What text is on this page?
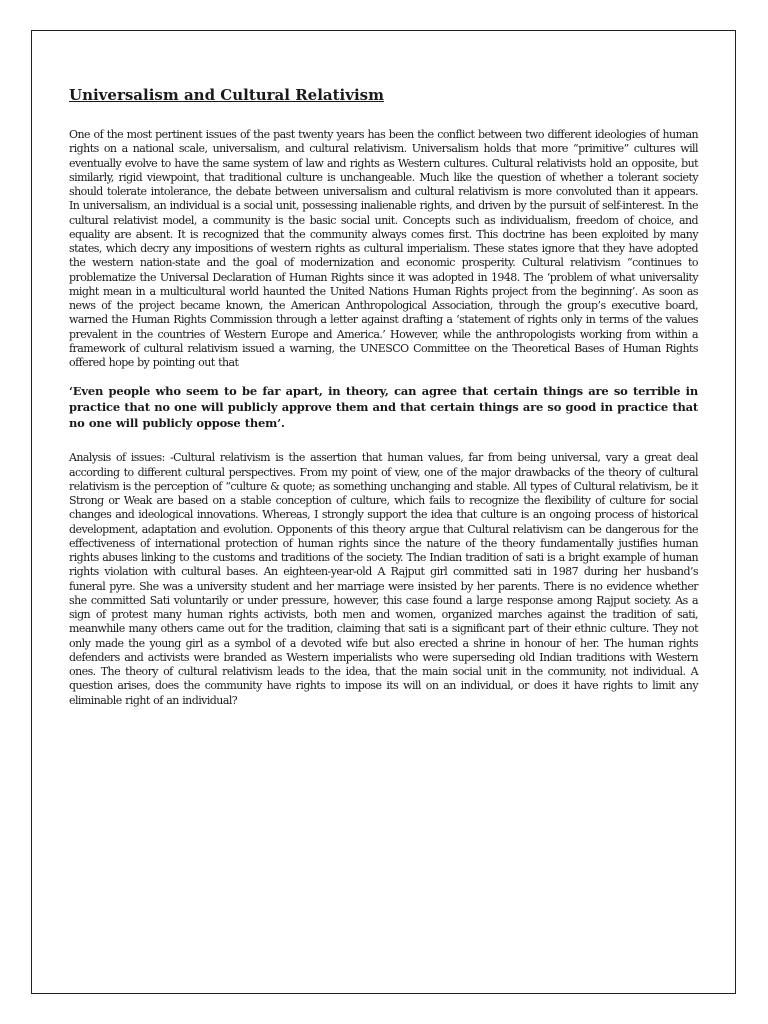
Universalism and Cultural Relativism

One of the most pertinent issues of the past twenty years has been the conflict between two different ideologies of human rights on a national scale, universalism, and cultural relativism. Universalism holds that more “primitive” cultures will eventually evolve to have the same system of law and rights as Western cultures. Cultural relativists hold an opposite, but similarly, rigid viewpoint, that traditional culture is unchangeable. Much like the question of whether a tolerant society should tolerate intolerance, the debate between universalism and cultural relativism is more convoluted than it appears. In universalism, an individual is a social unit, possessing inalienable rights, and driven by the pursuit of self-interest. In the cultural relativist model, a community is the basic social unit. Concepts such as individualism, freedom of choice, and equality are absent. It is recognized that the community always comes first. This doctrine has been exploited by many states, which decry any impositions of western rights as cultural imperialism. These states ignore that they have adopted the western nation-state and the goal of modernization and economic prosperity. Cultural relativism “continues to problematize the Universal Declaration of Human Rights since it was adopted in 1948. The ‘problem of what universality might mean in a multicultural world haunted the United Nations Human Rights project from the beginning’. As soon as news of the project became known, the American Anthropological Association, through the group’s executive board, warned the Human Rights Commission through a letter against drafting a ‘statement of rights only in terms of the values prevalent in the countries of Western Europe and America.’ However, while the anthropologists working from within a framework of cultural relativism issued a warning, the UNESCO Committee on the Theoretical Bases of Human Rights offered hope by pointing out that

‘Even people who seem to be far apart, in theory, can agree that certain things are so terrible in practice that no one will publicly approve them and that certain things are so good in practice that no one will publicly oppose them’.

Analysis of issues: -Cultural relativism is the assertion that human values, far from being universal, vary a great deal according to different cultural perspectives. From my point of view, one of the major drawbacks of the theory of cultural relativism is the perception of “culture & quote; as something unchanging and stable. All types of Cultural relativism, be it Strong or Weak are based on a stable conception of culture, which fails to recognize the flexibility of culture for social changes and ideological innovations. Whereas, I strongly support the idea that culture is an ongoing process of historical development, adaptation and evolution. Opponents of this theory argue that Cultural relativism can be dangerous for the effectiveness of international protection of human rights since the nature of the theory fundamentally justifies human rights abuses linking to the customs and traditions of the society. The Indian tradition of sati is a bright example of human rights violation with cultural bases. An eighteen-year-old A Rajput girl committed sati in 1987 during her husband’s funeral pyre. She was a university student and her marriage were insisted by her parents. There is no evidence whether she committed Sati voluntarily or under pressure, however, this case found a large response among Rajput society. As a sign of protest many human rights activists, both men and women, organized marches against the tradition of sati, meanwhile many others came out for the tradition, claiming that sati is a significant part of their ethnic culture. They not only made the young girl as a symbol of a devoted wife but also erected a shrine in honour of her. The human rights defenders and activists were branded as Western imperialists who were superseding old Indian traditions with Western ones. The theory of cultural relativism leads to the idea, that the main social unit in the community, not individual. A question arises, does the community have rights to impose its will on an individual, or does it have rights to limit any eliminable right of an individual?
